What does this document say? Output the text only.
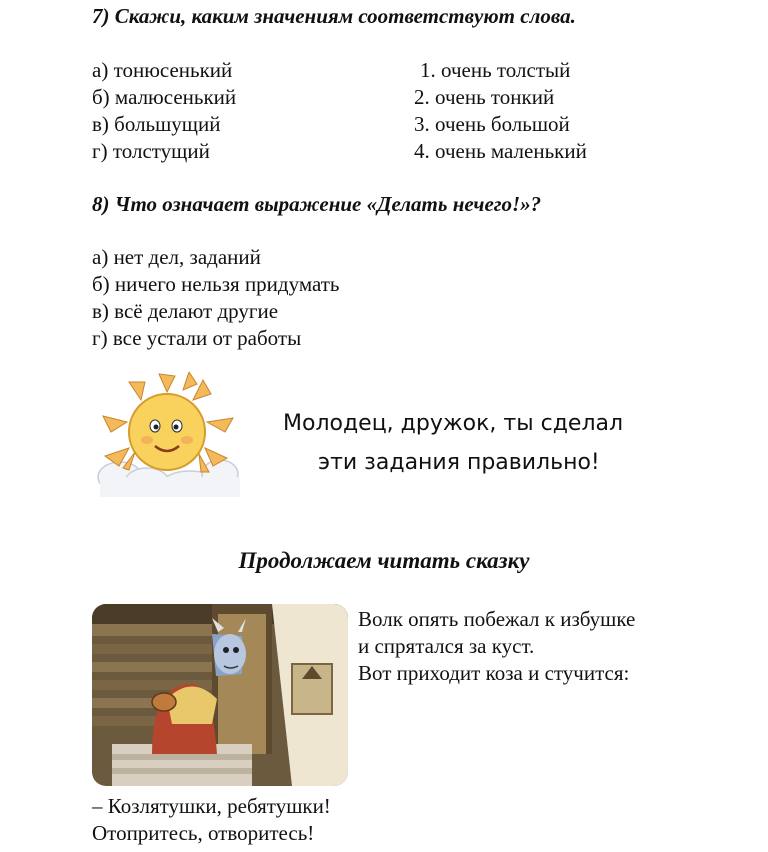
7) Скажи, каким значениям соответствуют слова.
а) тонюсенький
б) малюсенький
в) большущий
г) толстущий
1. очень толстый
2. очень тонкий
3. очень большой
4. очень маленький
8) Что означает выражение «Делать нечего!»?
а) нет дел, заданий
б) ничего нельзя придумать
в) всё делают другие
г) все устали от работы
Молодец, дружок, ты сделал
эти задания правильно!
Продолжаем читать сказку
Волк опять побежал к избушке
и спрятался за куст.
Вот приходит коза и стучится:
– Козлятушки, ребятушки!
Отопритесь, отворитесь!
